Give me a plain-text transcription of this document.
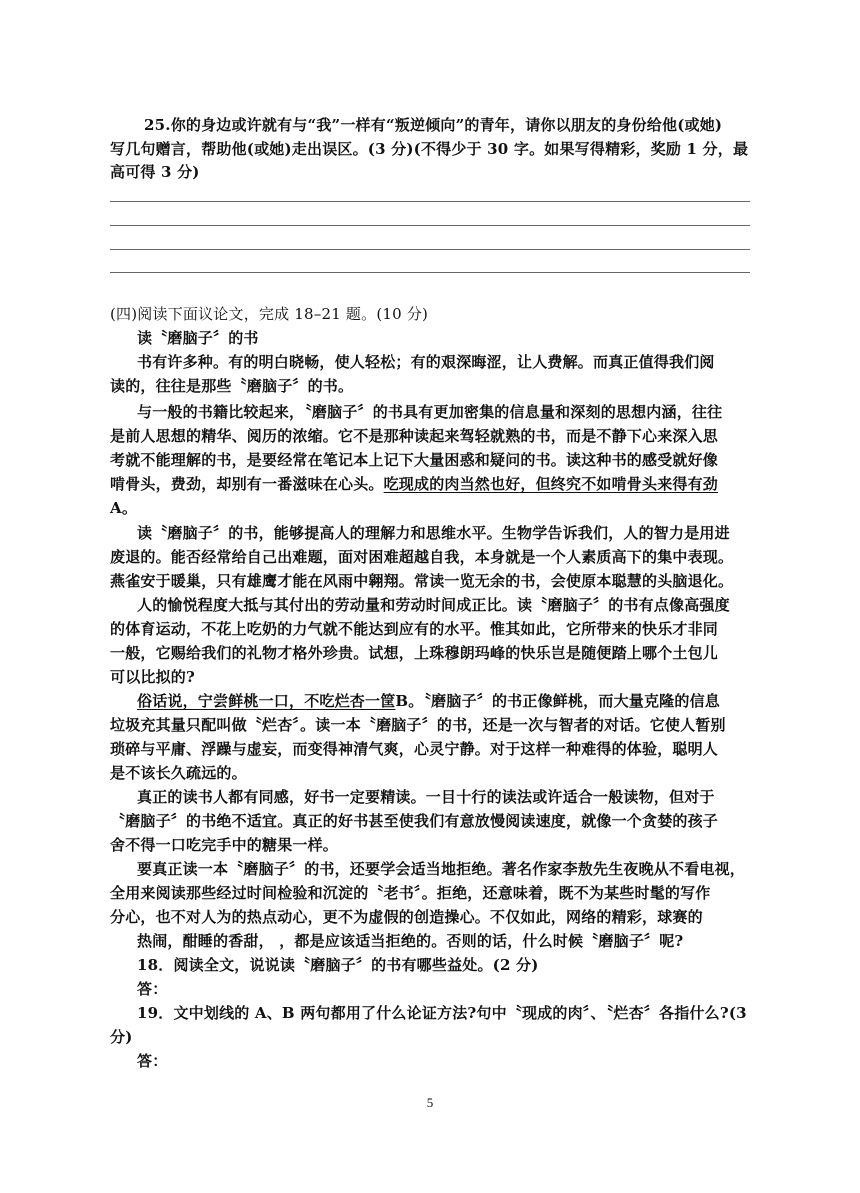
25.你的身边或许就有与“我”一样有“叛逆倾向”的青年，请你以朋友的身份给他(或她)
写几句赠言，帮助他(或她)走出误区。(3 分)(不得少于 30 字。如果写得精彩，奖励 1 分，最
高可得 3 分)
(四)阅读下面议论文，完成 18–21 题。(10 分)
读〝磨脑子〞的书
书有许多种。有的明白晓畅，使人轻松；有的艰深晦涩，让人费解。而真正值得我们阅
读的，往往是那些〝磨脑子〞的书。
与一般的书籍比较起来，〝磨脑子〞的书具有更加密集的信息量和深刻的思想内涵，往往
是前人思想的精华、阅历的浓缩。它不是那种读起来驾轻就熟的书，而是不静下心来深入思
考就不能理解的书，是要经常在笔记本上记下大量困惑和疑问的书。读这种书的感受就好像
啃骨头，费劲，却别有一番滋味在心头。吃现成的肉当然也好，但终究不如啃骨头来得有劲
A。
读〝磨脑子〞的书，能够提高人的理解力和思维水平。生物学告诉我们，人的智力是用进
废退的。能否经常给自己出难题，面对困难超越自我，本身就是一个人素质高下的集中表现。
燕雀安于暖巢，只有雄鹰才能在风雨中翱翔。常读一览无余的书，会使原本聪慧的头脑退化。
人的愉悦程度大抵与其付出的劳动量和劳动时间成正比。读〝磨脑子〞的书有点像高强度
的体育运动，不花上吃奶的力气就不能达到应有的水平。惟其如此，它所带来的快乐才非同
一般，它赐给我们的礼物才格外珍贵。试想，上珠穆朗玛峰的快乐岂是随便踏上哪个土包儿
可以比拟的?
俗话说，宁尝鲜桃一口，不吃烂杏一筐B。〝磨脑子〞的书正像鲜桃，而大量克隆的信息
垃圾充其量只配叫做〝烂杏〞。读一本〝磨脑子〞的书，还是一次与智者的对话。它使人暂别
琐碎与平庸、浮躁与虚妄，而变得神清气爽，心灵宁静。对于这样一种难得的体验，聪明人
是不该长久疏远的。
真正的读书人都有同感，好书一定要精读。一目十行的读法或许适合一般读物，但对于
〝磨脑子〞的书绝不适宜。真正的好书甚至使我们有意放慢阅读速度，就像一个贪婪的孩子
舍不得一口吃完手中的糖果一样。
要真正读一本〝磨脑子〞的书，还要学会适当地拒绝。著名作家李敖先生夜晚从不看电视，
全用来阅读那些经过时间检验和沉淀的〝老书〞。拒绝，还意味着，既不为某些时髦的写作
分心，也不对人为的热点动心，更不为虚假的创造操心。不仅如此，网络的精彩，球赛的
热闹，酣睡的香甜， ，都是应该适当拒绝的。否则的话，什么时候〝磨脑子〞呢?
18．阅读全文，说说读〝磨脑子〞的书有哪些益处。(2 分)
答：
19．文中划线的 A、B 两句都用了什么论证方法?句中〝现成的肉〞、〝烂杏〞各指什么?(3
分)
答：
5
